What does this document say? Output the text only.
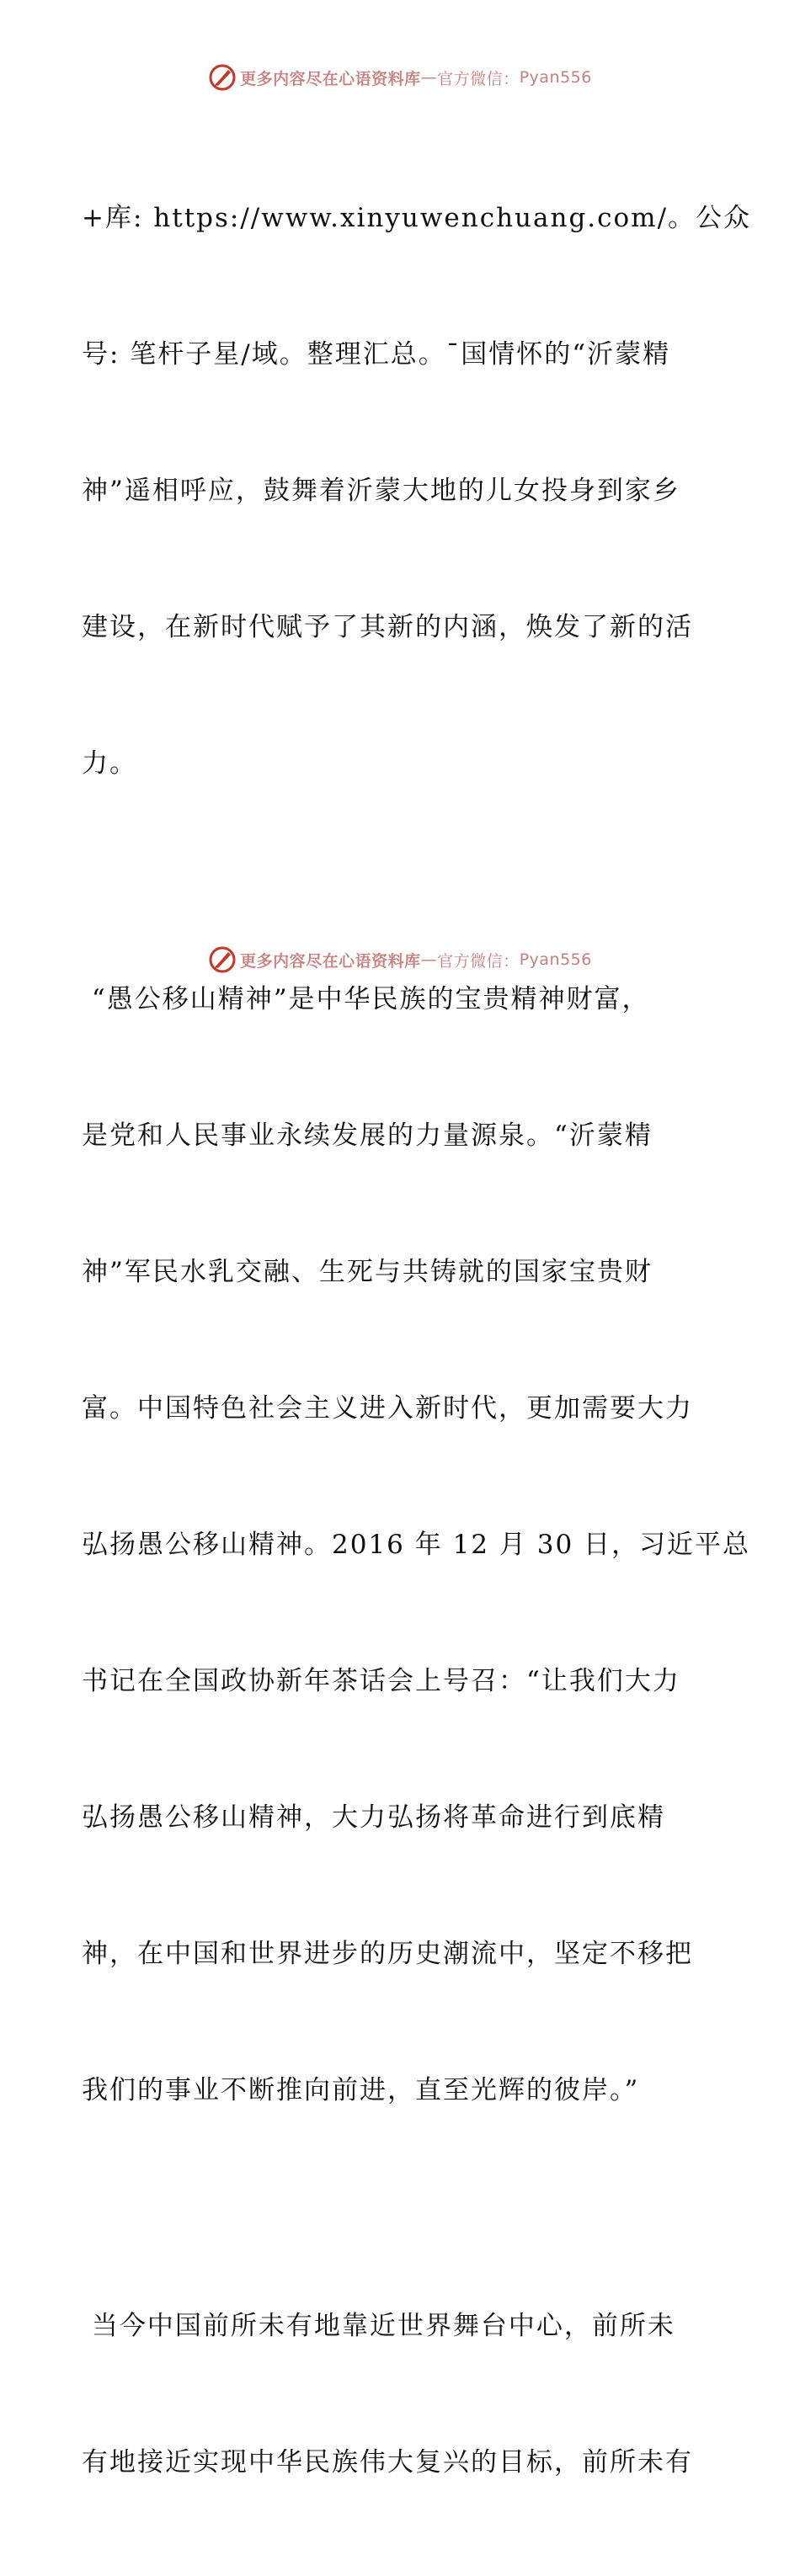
更多内容尽在心语资料库 — 官方微信： Pyan556

+库: https://www.xinyuwenchuang.com/。公众

号: 笔杆子星/域。整理汇总。¯国情怀的“沂蒙精

神”遥相呼应，鼓舞着沂蒙大地的儿女投身到家乡

建设，在新时代赋予了其新的内涵，焕发了新的活

力。

“愚公移山精神”是中华民族的宝贵精神财富，

是党和人民事业永续发展的力量源泉。“沂蒙精

神”军民水乳交融、生死与共铸就的国家宝贵财

富。中国特色社会主义进入新时代，更加需要大力

弘扬愚公移山精神。2016 年 12 月 30 日，习近平总

书记在全国政协新年茶话会上号召：“让我们大力

弘扬愚公移山精神，大力弘扬将革命进行到底精

神，在中国和世界进步的历史潮流中，坚定不移把

我们的事业不断推向前进，直至光辉的彼岸。”

当今中国前所未有地靠近世界舞台中心，前所未

有地接近实现中华民族伟大复兴的目标，前所未有

更多内容尽在心语资料库 — 官方微信： Pyan556
